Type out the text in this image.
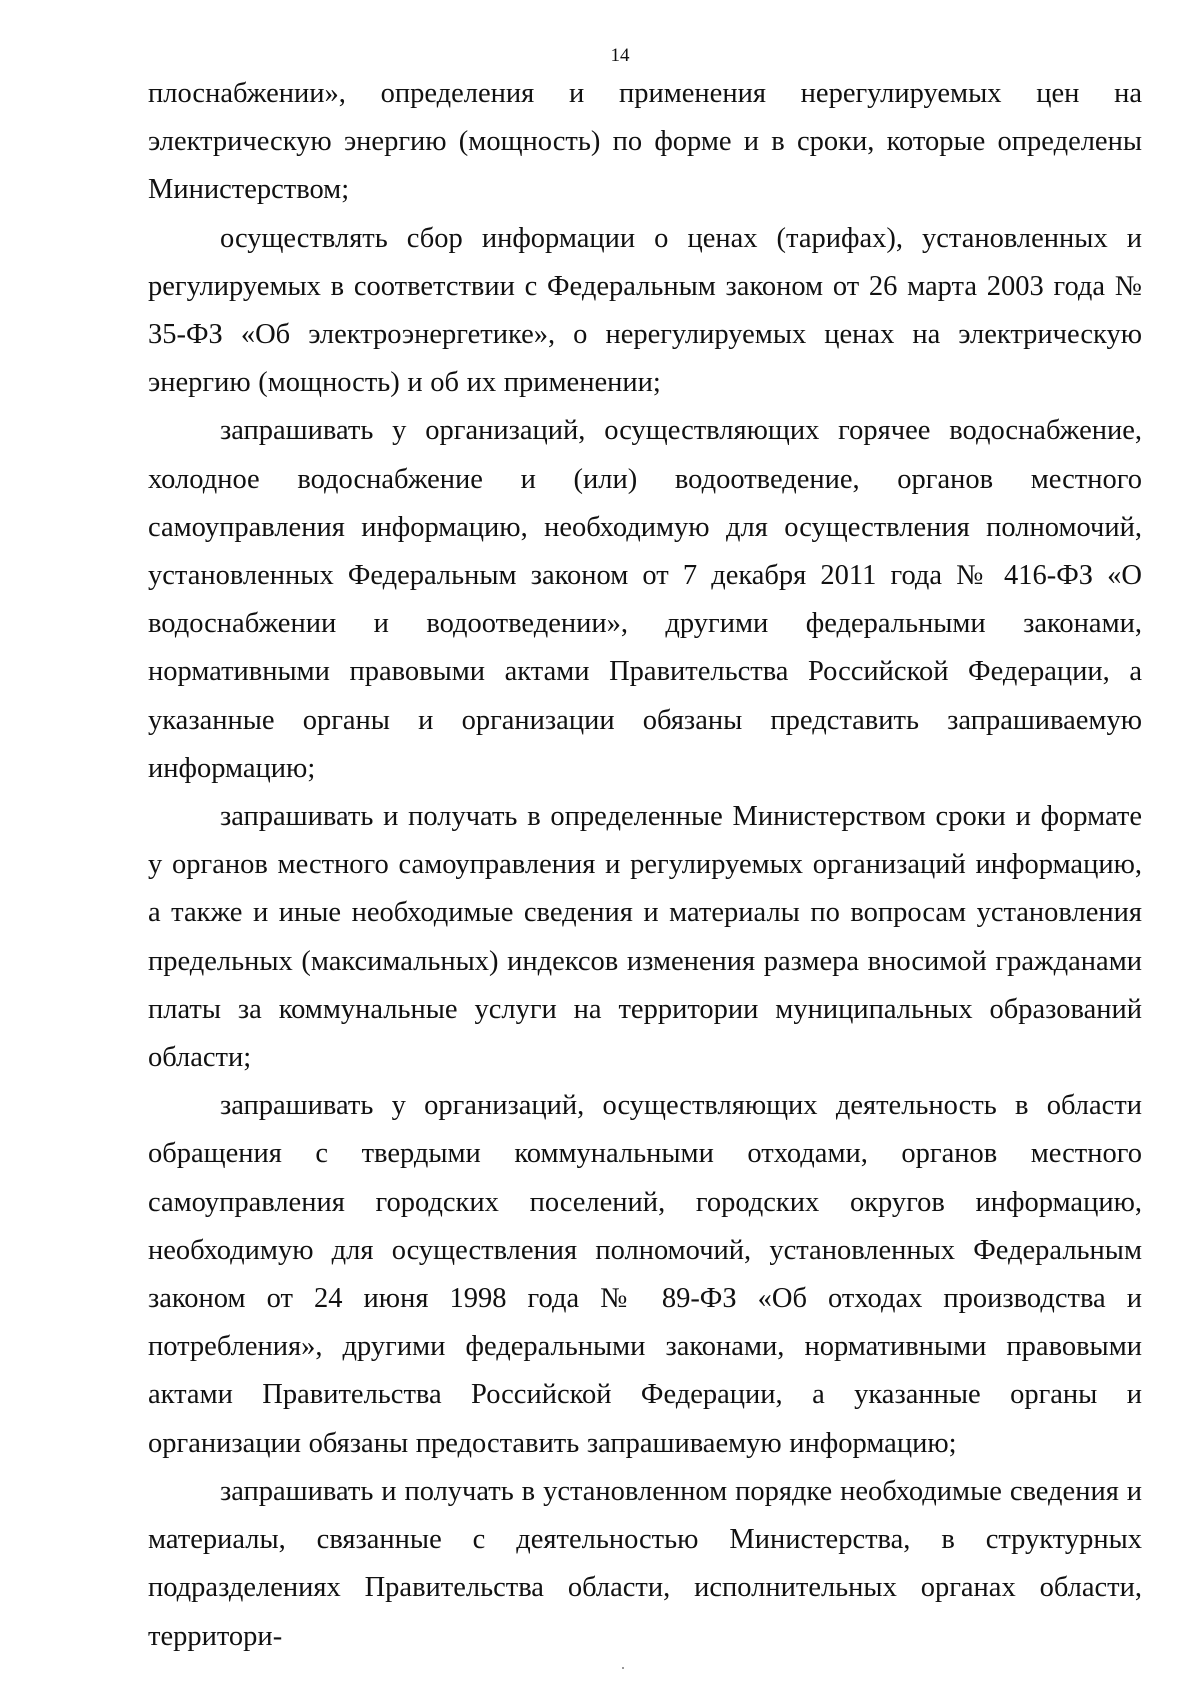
14

плоснабжении», определения и применения нерегулируемых цен на электрическую энергию (мощность) по форме и в сроки, которые определены Министерством;

осуществлять сбор информации о ценах (тарифах), установленных и регулируемых в соответствии с Федеральным законом от 26 марта 2003 года № 35-ФЗ «Об электроэнергетике», о нерегулируемых ценах на электрическую энергию (мощность) и об их применении;

запрашивать у организаций, осуществляющих горячее водоснабжение, холодное водоснабжение и (или) водоотведение, органов местного самоуправления информацию, необходимую для осуществления полномочий, установленных Федеральным законом от 7 декабря 2011 года № 416-ФЗ «О водоснабжении и водоотведении», другими федеральными законами, нормативными правовыми актами Правительства Российской Федерации, а указанные органы и организации обязаны представить запрашиваемую информацию;

запрашивать и получать в определенные Министерством сроки и формате у органов местного самоуправления и регулируемых организаций информацию, а также и иные необходимые сведения и материалы по вопросам установления предельных (максимальных) индексов изменения размера вносимой гражданами платы за коммунальные услуги на территории муниципальных образований области;

запрашивать у организаций, осуществляющих деятельность в области обращения с твердыми коммунальными отходами, органов местного самоуправления городских поселений, городских округов информацию, необходимую для осуществления полномочий, установленных Федеральным законом от 24 июня 1998 года № 89-ФЗ «Об отходах производства и потребления», другими федеральными законами, нормативными правовыми актами Правительства Российской Федерации, а указанные органы и организации обязаны предоставить запрашиваемую информацию;

запрашивать и получать в установленном порядке необходимые сведения и материалы, связанные с деятельностью Министерства, в структурных подразделениях Правительства области, исполнительных органах области, территори-
